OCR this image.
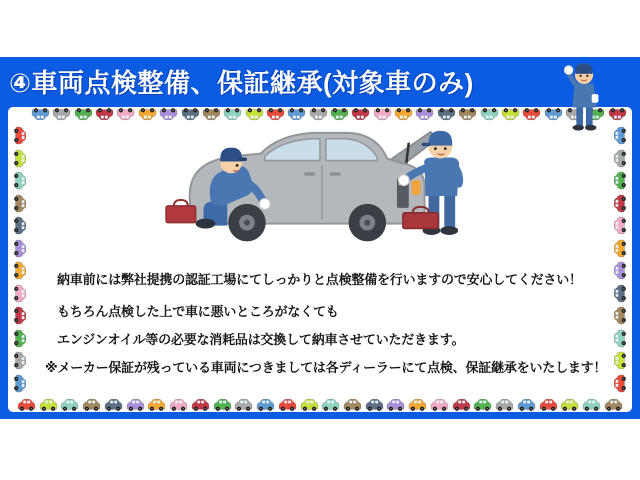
④車両点検整備、保証継承(対象車のみ)

納車前には弊社提携の認証工場にてしっかりと点検整備を行いますので安心してください！

もちろん点検した上で車に悪いところがなくても

エンジンオイル等の必要な消耗品は交換して納車させていただきます。

※メーカー保証が残っている車両につきましては各ディーラーにて点検、保証継承をいたします！
